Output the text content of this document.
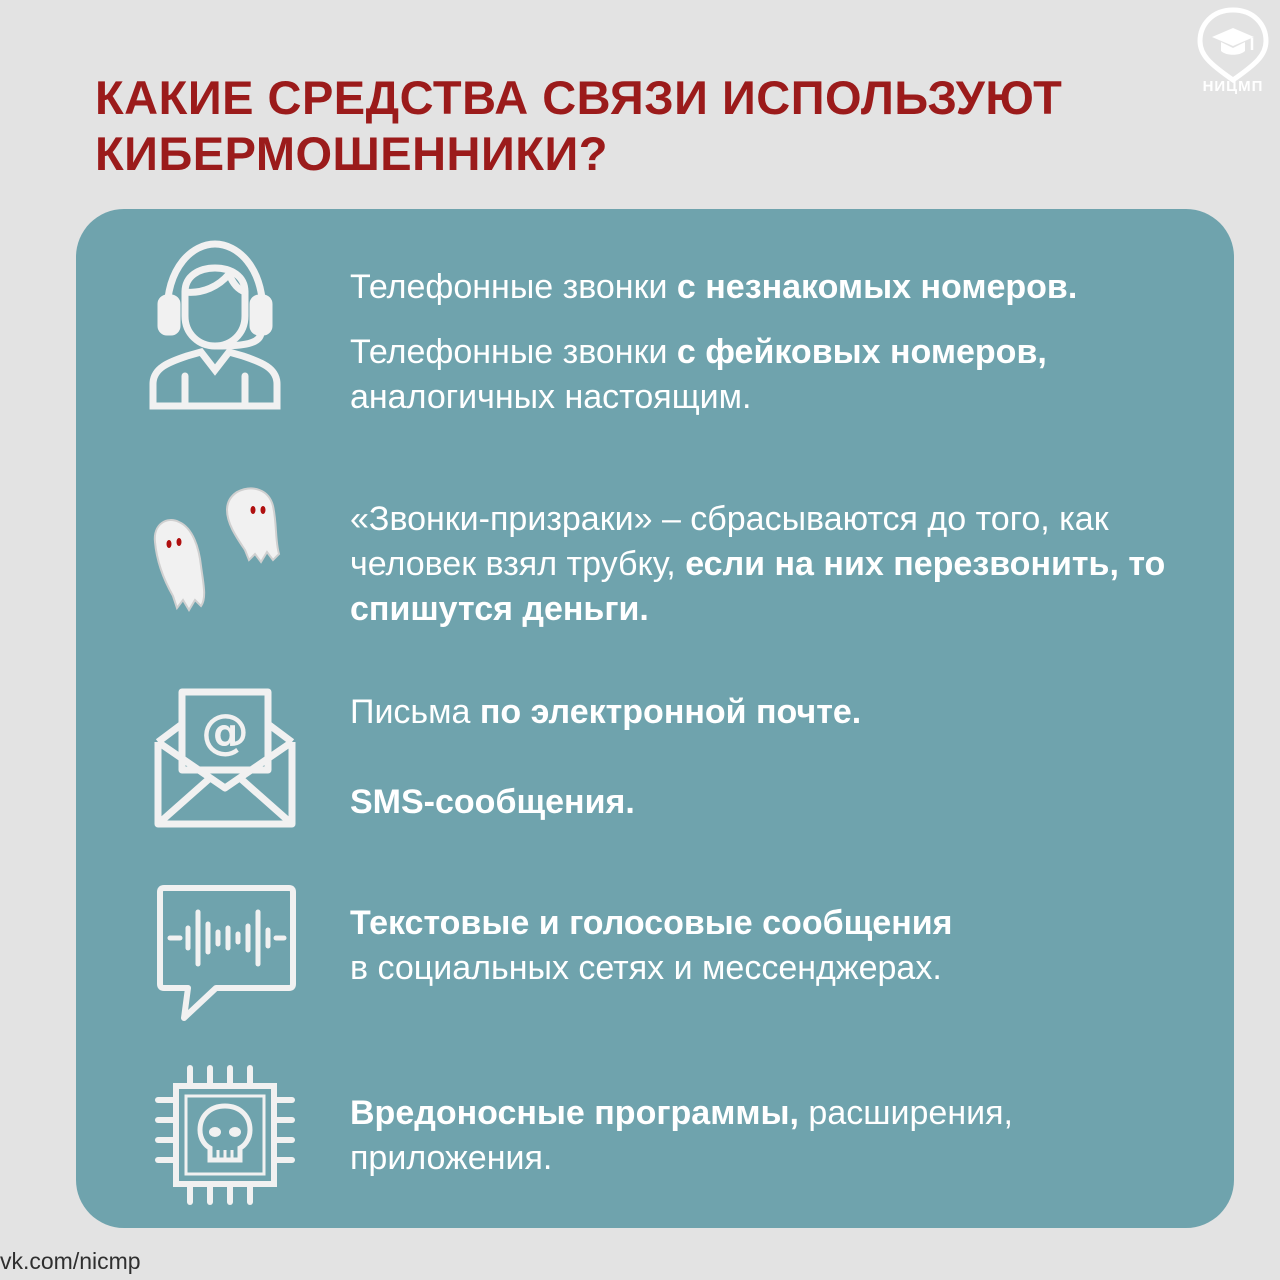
КАКИЕ СРЕДСТВА СВЯЗИ ИСПОЛЬЗУЮТ
КИБЕРМОШЕННИКИ?
НИЦМП

Телефонные звонки с незнакомых номеров.

Телефонные звонки с фейковых номеров,
аналогичных настоящим.

«Звонки-призраки» – сбрасываются до того, как человек взял трубку, если на них перезвонить, то спишутся деньги.

@	Письма по электронной почте.

SMS-сообщения.

Текстовые и голосовые сообщения
в социальных сетях и мессенджерах.

Вредоносные программы, расширения, приложения.

vk.com/nicmp
